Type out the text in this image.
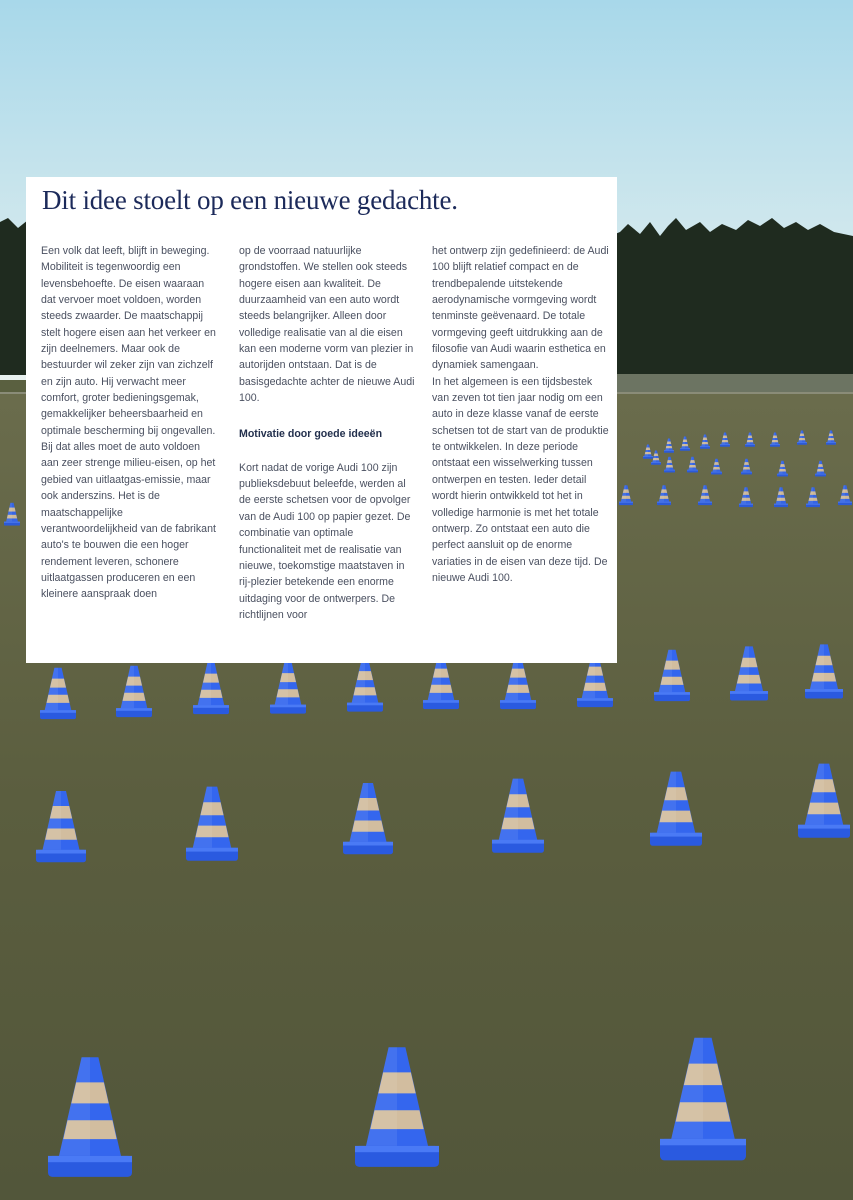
Dit idee stoelt op een nieuwe gedachte.

Een volk dat leeft, blijft in beweging. Mobiliteit is tegenwoordig een levensbehoefte. De eisen waaraan dat vervoer moet voldoen, worden steeds zwaarder. De maatschappij stelt hogere eisen aan het verkeer en zijn deelnemers. Maar ook de bestuurder wil zeker zijn van zichzelf en zijn auto. Hij verwacht meer comfort, groter bedieningsgemak, gemakkelijker beheersbaarheid en optimale bescherming bij ongevallen. Bij dat alles moet de auto voldoen aan zeer strenge milieu-eisen, op het gebied van uitlaatgas-emissie, maar ook anderszins. Het is de maatschappelijke verantwoordelijkheid van de fabrikant auto's te bouwen die een hoger rendement leveren, schonere uitlaatgassen produceren en een kleinere aanspraak doen

op de voorraad natuurlijke grondstoffen. We stellen ook steeds hogere eisen aan kwaliteit. De duurzaamheid van een auto wordt steeds belangrijker. Alleen door volledige realisatie van al die eisen kan een moderne vorm van plezier in autorijden ontstaan. Dat is de basisgedachte achter de nieuwe Audi 100.

Motivatie door goede ideeën

Kort nadat de vorige Audi 100 zijn publieksdebuut beleefde, werden al de eerste schetsen voor de opvolger van de Audi 100 op papier gezet. De combinatie van optimale functionaliteit met de realisatie van nieuwe, toekomstige maatstaven in rij-plezier betekende een enorme uitdaging voor de ontwerpers. De richtlijnen voor

het ontwerp zijn gedefinieerd: de Audi 100 blijft relatief compact en de trendbepalende uitstekende aerodynamische vormgeving wordt tenminste geëvenaard. De totale vormgeving geeft uitdrukking aan de filosofie van Audi waarin esthetica en dynamiek samengaan.

In het algemeen is een tijdsbestek van zeven tot tien jaar nodig om een auto in deze klasse vanaf de eerste schetsen tot de start van de produktie te ontwikkelen. In deze periode ontstaat een wisselwerking tussen ontwerpen en testen. Ieder detail wordt hierin ontwikkeld tot het in volledige harmonie is met het totale ontwerp. Zo ontstaat een auto die perfect aansluit op de enorme variaties in de eisen van deze tijd. De nieuwe Audi 100.
